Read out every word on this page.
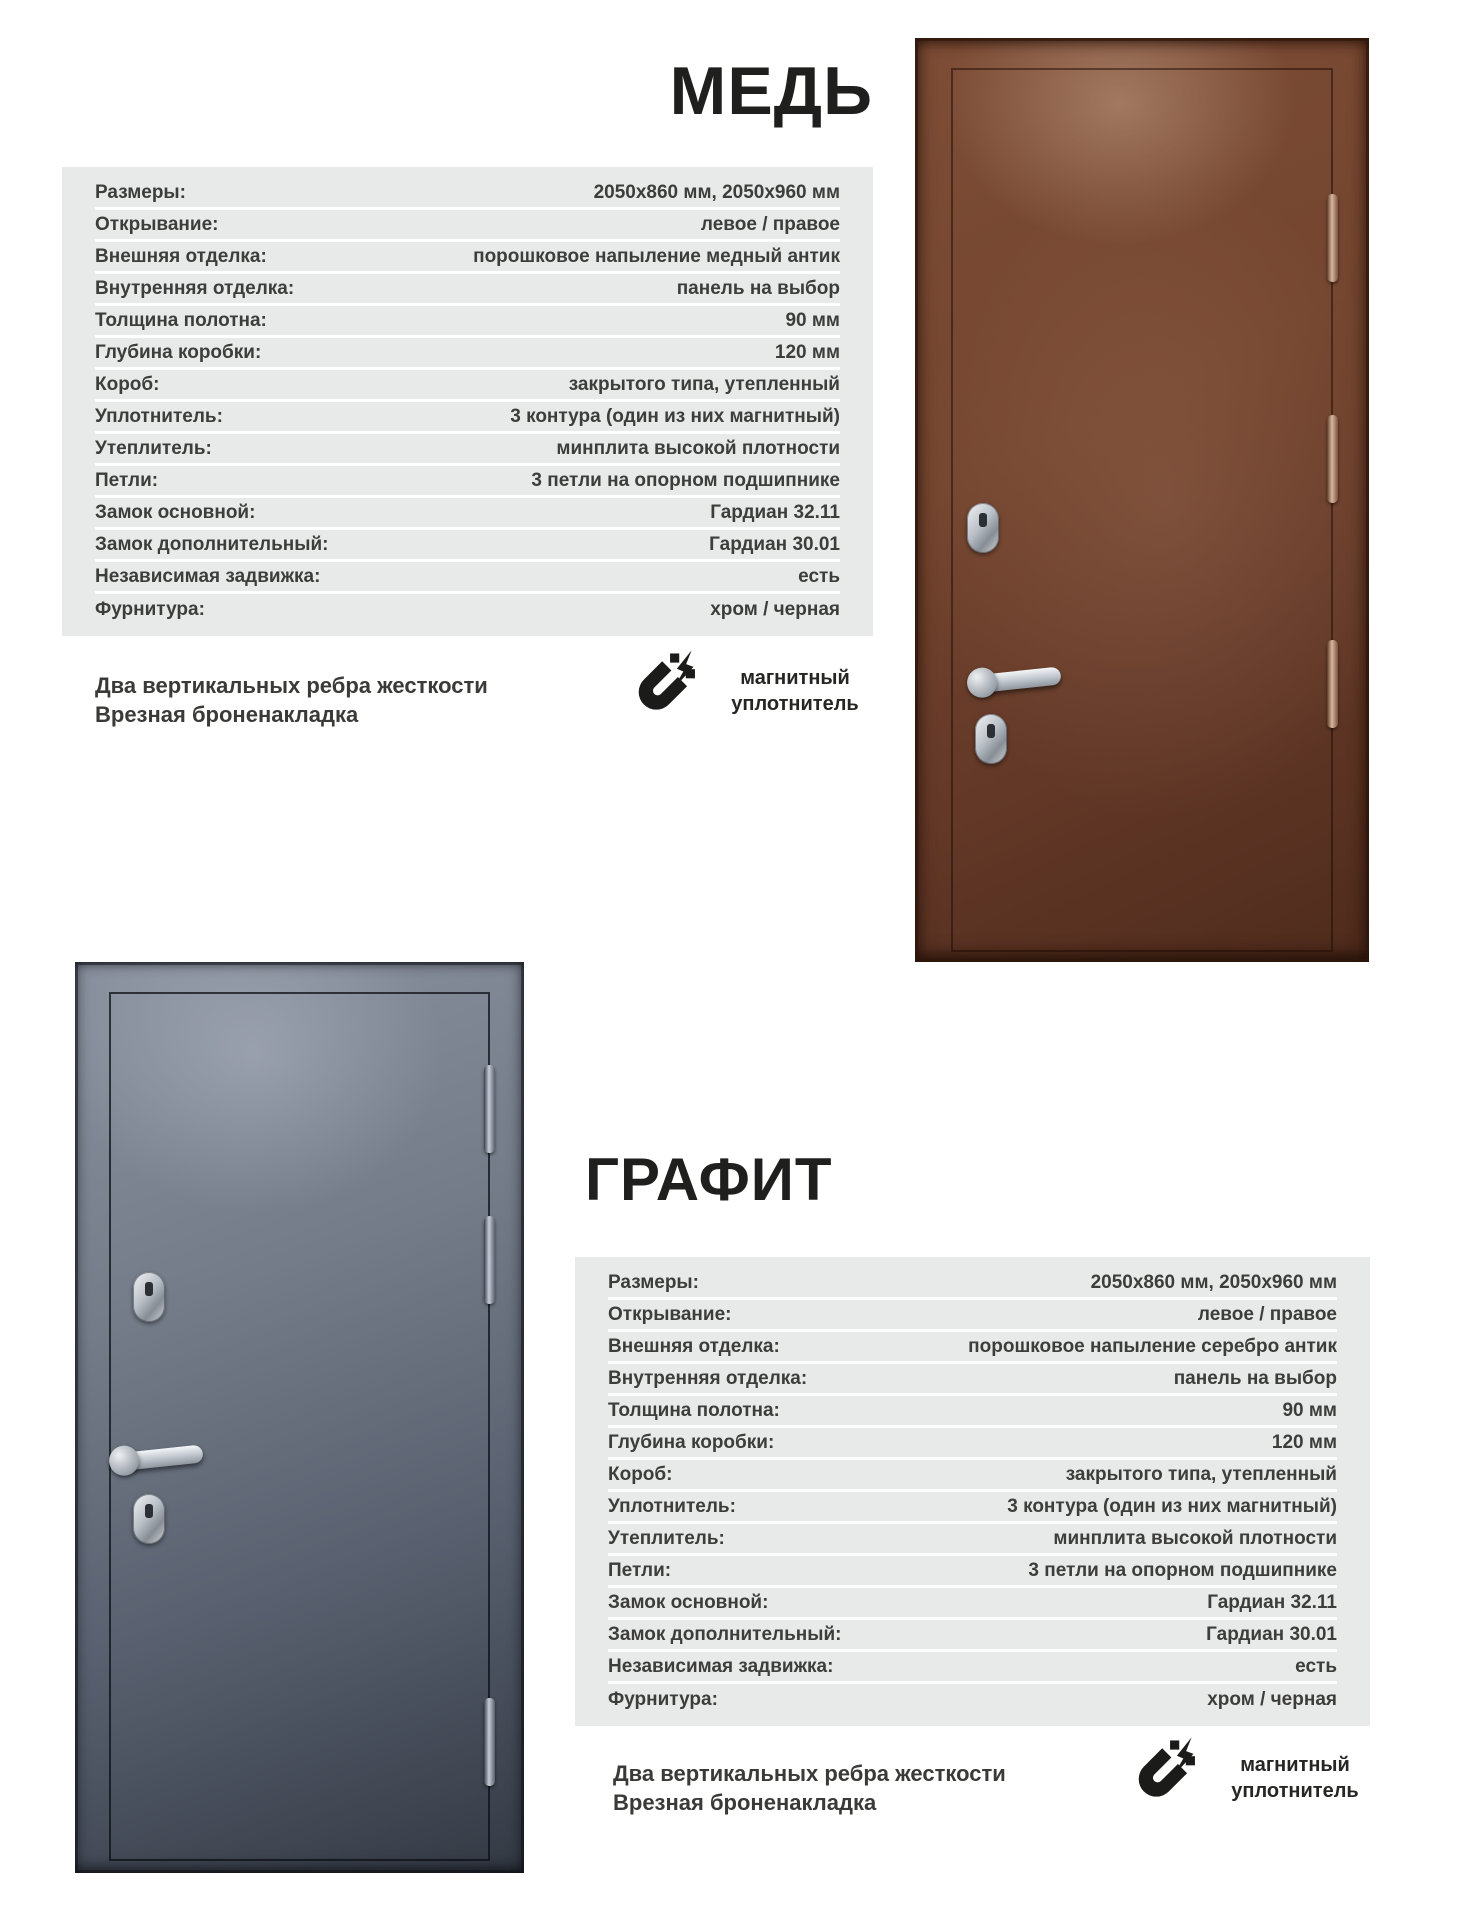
МЕДЬ
Размеры:	2050х860 мм, 2050х960 мм
Открывание:	левое / правое
Внешняя отделка:	порошковое напыление медный антик
Внутренняя отделка:	панель на выбор
Толщина полотна:	90 мм
Глубина коробки:	120 мм
Короб:	закрытого типа, утепленный
Уплотнитель:	3 контура (один из них магнитный)
Утеплитель:	минплита высокой плотности
Петли:	3 петли на опорном подшипнике
Замок основной:	Гардиан 32.11
Замок дополнительный:	Гардиан 30.01
Независимая задвижка:	есть
Фурнитура:	хром / черная
Два вертикальных ребра жесткости
Врезная броненакладка
магнитный
уплотнитель
ГРАФИТ
Размеры:	2050х860 мм, 2050х960 мм
Открывание:	левое / правое
Внешняя отделка:	порошковое напыление серебро антик
Внутренняя отделка:	панель на выбор
Толщина полотна:	90 мм
Глубина коробки:	120 мм
Короб:	закрытого типа, утепленный
Уплотнитель:	3 контура (один из них магнитный)
Утеплитель:	минплита высокой плотности
Петли:	3 петли на опорном подшипнике
Замок основной:	Гардиан 32.11
Замок дополнительный:	Гардиан 30.01
Независимая задвижка:	есть
Фурнитура:	хром / черная
Два вертикальных ребра жесткости
Врезная броненакладка
магнитный
уплотнитель
